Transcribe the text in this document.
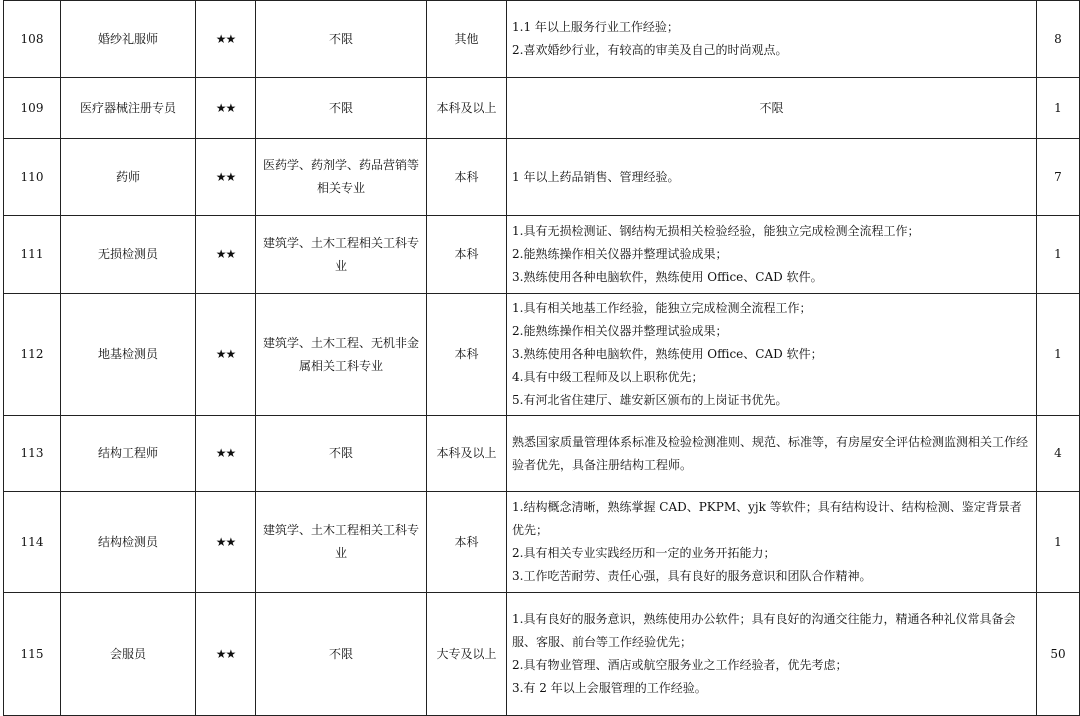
108	婚纱礼服师	★★	不限	其他	1.1 年以上服务行业工作经验；
2.喜欢婚纱行业，有较高的审美及自己的时尚观点。	8	
109	医疗器械注册专员	★★	不限	本科及以上	不限	1	
110	药师	★★	医药学、药剂学、药品营销等相关专业	本科	1 年以上药品销售、管理经验。	7	
111	无损检测员	★★	建筑学、土木工程相关工科专业	本科	1.具有无损检测证、钢结构无损相关检验经验，能独立完成检测全流程工作；
2.能熟练操作相关仪器并整理试验成果；
3.熟练使用各种电脑软件，熟练使用 Office、CAD 软件。	1	
112	地基检测员	★★	建筑学、土木工程、无机非金属相关工科专业	本科	1.具有相关地基工作经验，能独立完成检测全流程工作；
2.能熟练操作相关仪器并整理试验成果；
3.熟练使用各种电脑软件，熟练使用 Office、CAD 软件；
4.具有中级工程师及以上职称优先；
5.有河北省住建厅、雄安新区颁布的上岗证书优先。	1	
113	结构工程师	★★	不限	本科及以上	熟悉国家质量管理体系标准及检验检测准则、规范、标准等，有房屋安全评估检测监测相关工作经验者优先，具备注册结构工程师。	4	
114	结构检测员	★★	建筑学、土木工程相关工科专业	本科	1.结构概念清晰，熟练掌握 CAD、PKPM、yjk 等软件；具有结构设计、结构检测、鉴定背景者优先；
2.具有相关专业实践经历和一定的业务开拓能力；
3.工作吃苦耐劳、责任心强，具有良好的服务意识和团队合作精神。	1	
115	会服员	★★	不限	大专及以上	1.具有良好的服务意识，熟练使用办公软件；具有良好的沟通交往能力，精通各种礼仪常具备会服、客服、前台等工作经验优先；
2.具有物业管理、酒店或航空服务业之工作经验者，优先考虑；
3.有 2 年以上会服管理的工作经验。	50	
